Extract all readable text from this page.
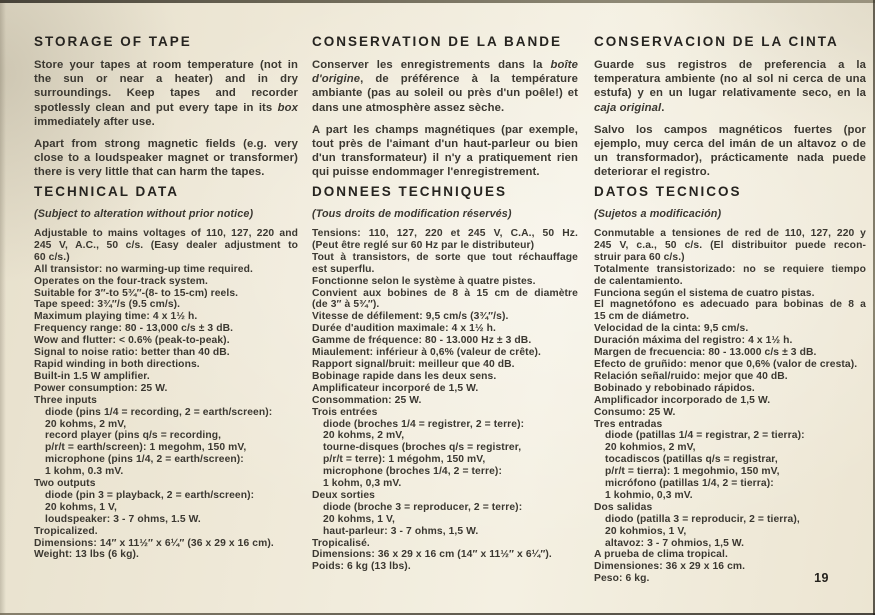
STORAGE OF TAPE

Store your tapes at room temperature (not in the sun or near a heater) and in dry surroundings. Keep tapes and recorder spotlessly clean and put every tape in its box immediately after use.

Apart from strong magnetic fields (e.g. very close to a loudspeaker magnet or transformer) there is very little that can harm the tapes.

CONSERVATION DE LA BANDE

Conserver les enregistrements dans la boîte d'origine, de préférence à la température ambiante (pas au soleil ou près d'un poêle!) et dans une atmosphère assez sèche.

A part les champs magnétiques (par exemple, tout près de l'aimant d'un haut-parleur ou bien d'un transformateur) il n'y a pratiquement rien qui puisse endommager l'enregistrement.

CONSERVACION DE LA CINTA

Guarde sus registros de preferencia a la temperatura ambiente (no al sol ni cerca de una estufa) y en un lugar relativamente seco, en la caja original.

Salvo los campos magnéticos fuertes (por ejemplo, muy cerca del imán de un altavoz o de un transformador), prácticamente nada puede deteriorar el registro.

TECHNICAL DATA

(Subject to alteration without prior notice)

Adjustable to mains voltages of 110, 127, 220 and
245 V, A.C., 50 c/s. (Easy dealer adjustment to
60 c/s.)
All transistor: no warming-up time required.
Operates on the four-track system.
Suitable for 3″-to 5¾″-(8- to 15-cm) reels.
Tape speed: 3¾″/s (9.5 cm/s).
Maximum playing time: 4 x 1½ h.
Frequency range: 80 - 13,000 c/s ± 3 dB.
Wow and flutter: < 0.6% (peak-to-peak).
Signal to noise ratio: better than 40 dB.
Rapid winding in both directions.
Built-in 1.5 W amplifier.
Power consumption: 25 W.
Three inputs
diode (pins 1/4 = recording, 2 = earth/screen):
20 kohms, 2 mV,
record player (pins q/s = recording,
p/r/t = earth/screen): 1 megohm, 150 mV,
microphone (pins 1/4, 2 = earth/screen):
1 kohm, 0.3 mV.
Two outputs
diode (pin 3 = playback, 2 = earth/screen):
20 kohms, 1 V,
loudspeaker: 3 - 7 ohms, 1.5 W.
Tropicalized.
Dimensions: 14″ x 11½″ x 6¼″ (36 x 29 x 16 cm).
Weight: 13 lbs (6 kg).
DONNEES TECHNIQUES

(Tous droits de modification réservés)

Tensions: 110, 127, 220 et 245 V, C.A., 50 Hz.
(Peut être reglé sur 60 Hz par le distributeur)
Tout à transistors, de sorte que tout réchauffage
est superflu.
Fonctionne selon le système à quatre pistes.
Convient aux bobines de 8 à 15 cm de diamètre
(de 3″ à 5¾″).
Vitesse de défilement: 9,5 cm/s (3¾″/s).
Durée d'audition maximale: 4 x 1½ h.
Gamme de fréquence: 80 - 13.000 Hz ± 3 dB.
Miaulement: inférieur à 0,6% (valeur de crête).
Rapport signal/bruit: meilleur que 40 dB.
Bobinage rapide dans les deux sens.
Amplificateur incorporé de 1,5 W.
Consommation: 25 W.
Trois entrées
diode (broches 1/4 = registrer, 2 = terre):
20 kohms, 2 mV,
tourne-disques (broches q/s = registrer,
p/r/t = terre): 1 mégohm, 150 mV,
microphone (broches 1/4, 2 = terre):
1 kohm, 0,3 mV.
Deux sorties
diode (broche 3 = reproducer, 2 = terre):
20 kohms, 1 V,
haut-parleur: 3 - 7 ohms, 1,5 W.
Tropicalisé.
Dimensions: 36 x 29 x 16 cm (14″ x 11½″ x 6¼″).
Poids: 6 kg (13 lbs).
DATOS TECNICOS

(Sujetos a modificación)

Conmutable a tensiones de red de 110, 127, 220 y
245 V, c.a., 50 c/s. (El distribuitor puede recon-
struir para 60 c/s.)
Totalmente transistorizado: no se requiere tiempo
de calentamiento.
Funciona según el sistema de cuatro pistas.
El magnetófono es adecuado para bobinas de 8 a
15 cm de diámetro.
Velocidad de la cinta: 9,5 cm/s.
Duración máxima del registro: 4 x 1½ h.
Margen de frecuencia: 80 - 13.000 c/s ± 3 dB.
Efecto de gruñido: menor que 0,6% (valor de cresta).
Relación señal/ruido: mejor que 40 dB.
Bobinado y rebobinado rápidos.
Amplificador incorporado de 1,5 W.
Consumo: 25 W.
Tres entradas
diode (patillas 1/4 = registrar, 2 = tierra):
20 kohmios, 2 mV,
tocadiscos (patillas q/s = registrar,
p/r/t = tierra): 1 megohmio, 150 mV,
micrófono (patillas 1/4, 2 = tierra):
1 kohmio, 0,3 mV.
Dos salidas
diodo (patilla 3 = reproducir, 2 = tierra),
20 kohmios, 1 V,
altavoz: 3 - 7 ohmios, 1,5 W.
A prueba de clima tropical.
Dimensiones: 36 x 29 x 16 cm.
Peso: 6 kg.	19
